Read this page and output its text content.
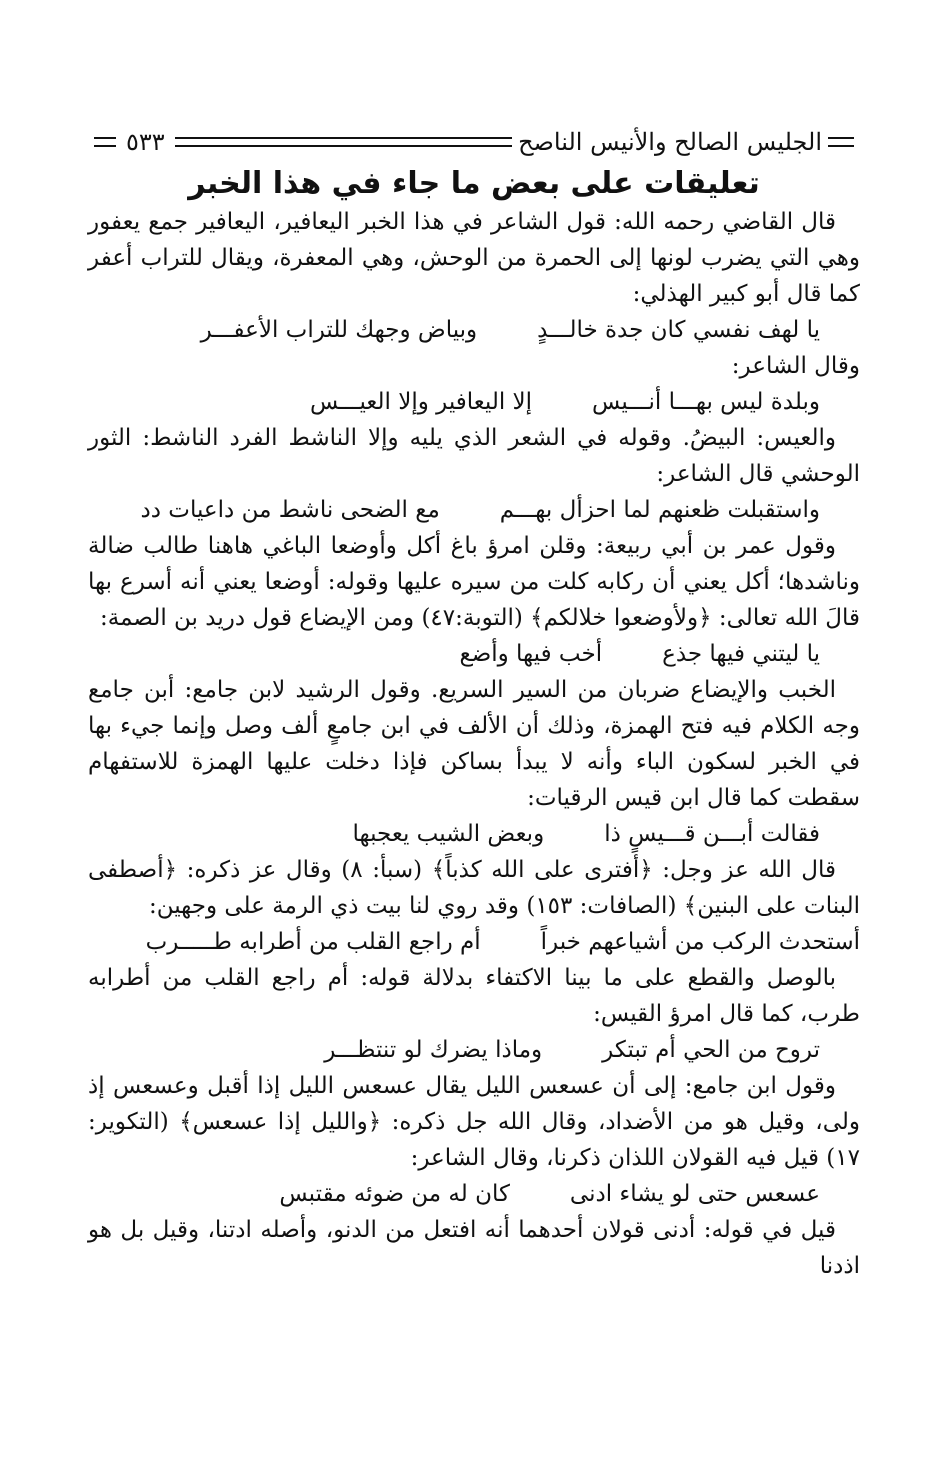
٥٣٣	الجليس الصالح والأنيس الناصح
تعليقات على بعض ما جاء في هذا الخبر

قال القاضي رحمه الله: قول الشاعر في هذا الخبر اليعافير، اليعافير جمع يعفور وهي التي يضرب لونها إلى الحمرة من الوحش، وهي المعفرة، ويقال للتراب أعفر كما قال أبو كبير الهذلي:

يا لهف نفسي كان جدة خالـــدٍ
وبياض وجهك للتراب الأعفـــر

وقال الشاعر:

وبلدة ليس بهـــا أنـــيس
إلا اليعافير وإلا العيـــس

والعيس: البيضُ. وقوله في الشعر الذي يليه وإلا الناشط الفرد الناشط: الثور الوحشي قال الشاعر:

واستقبلت ظعنهم لما احزأل بهـــم
مع الضحى ناشط من داعيات دد

وقول عمر بن أبي ربيعة: وقلن امرؤ باغ أكل وأوضعا الباغي هاهنا طالب ضالة وناشدها؛ أكل يعني أن ركابه كلت من سيره عليها وقوله: أوضعا يعني أنه أسرع بها قالَ الله تعالى: ﴿ولأوضعوا خلالكم﴾ (التوبة:٤٧) ومن الإيضاع قول دريد بن الصمة:

يا ليتني فيها جذع
أخب فيها وأضع

الخبب والإيضاع ضربان من السير السريع. وقول الرشيد لابن جامع: أبن جامع وجه الكلام فيه فتح الهمزة، وذلك أن الألف في ابن جامعٍ ألف وصل وإنما جيء بها في الخبر لسكون الباء وأنه لا يبدأ بساكن فإذا دخلت عليها الهمزة للاستفهام سقطت كما قال ابن قيس الرقيات:

فقالت أبـــن قـــيسٍ ذا
وبعض الشيب يعجبها

قال الله عز وجل: ﴿أفترى على الله كذباً﴾ (سبأ: ٨) وقال عز ذكره: ﴿أصطفى البنات على البنين﴾ (الصافات: ١٥٣) وقد روي لنا بيت ذي الرمة على وجهين:

أستحدث الركب من أشياعهم خبراً
أم راجع القلب من أطرابه طـــــرب

بالوصل والقطع على ما بينا الاكتفاء بدلالة قوله: أم راجع القلب من أطرابه طرب، كما قال امرؤ القيس:

تروح من الحي أم تبتكر
وماذا يضرك لو تنتظـــر

وقول ابن جامع: إلى أن عسعس الليل يقال عسعس الليل إذا أقبل وعسعس إذ ولى، وقيل هو من الأضداد، وقال الله جل ذكره: ﴿والليل إذا عسعس﴾ (التكوير: ١٧) قيل فيه القولان اللذان ذكرنا، وقال الشاعر:

عسعس حتى لو يشاء ادنى
كان له من ضوئه مقتبس

قيل في قوله: أدنى قولان أحدهما أنه افتعل من الدنو، وأصله ادتنا، وقيل بل هو اذدنا
